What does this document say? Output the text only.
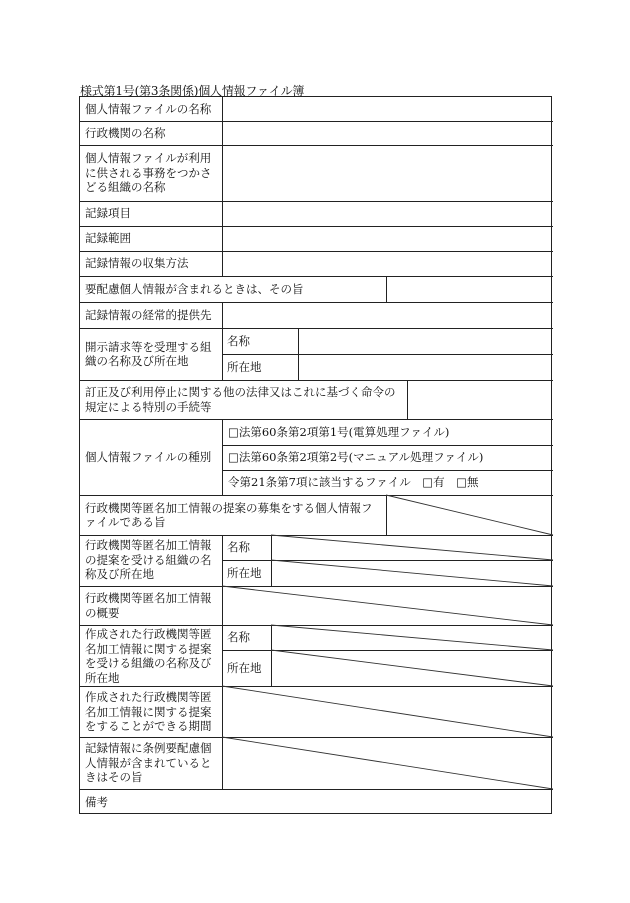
様式第1号(第3条関係)個人情報ファイル簿
個人情報ファイルの名称
行政機関の名称
個人情報ファイルが利用に供される事務をつかさどる組織の名称
記録項目
記録範囲
記録情報の収集方法
要配慮個人情報が含まれるときは、その旨
記録情報の経常的提供先
開示請求等を受理する組織の名称及び所在地
名称
所在地
訂正及び利用停止に関する他の法律又はこれに基づく命令の規定による特別の手続等
個人情報ファイルの種別
□法第60条第2項第1号(電算処理ファイル)
□法第60条第2項第2号(マニュアル処理ファイル)
令第21条第7項に該当するファイル　□有　□無
行政機関等匿名加工情報の提案の募集をする個人情報ファイルである旨
行政機関等匿名加工情報の提案を受ける組織の名称及び所在地
名称
所在地
行政機関等匿名加工情報の概要
作成された行政機関等匿名加工情報に関する提案を受ける組織の名称及び所在地
名称
所在地
作成された行政機関等匿名加工情報に関する提案をすることができる期間
記録情報に条例要配慮個人情報が含まれているときはその旨
備考
